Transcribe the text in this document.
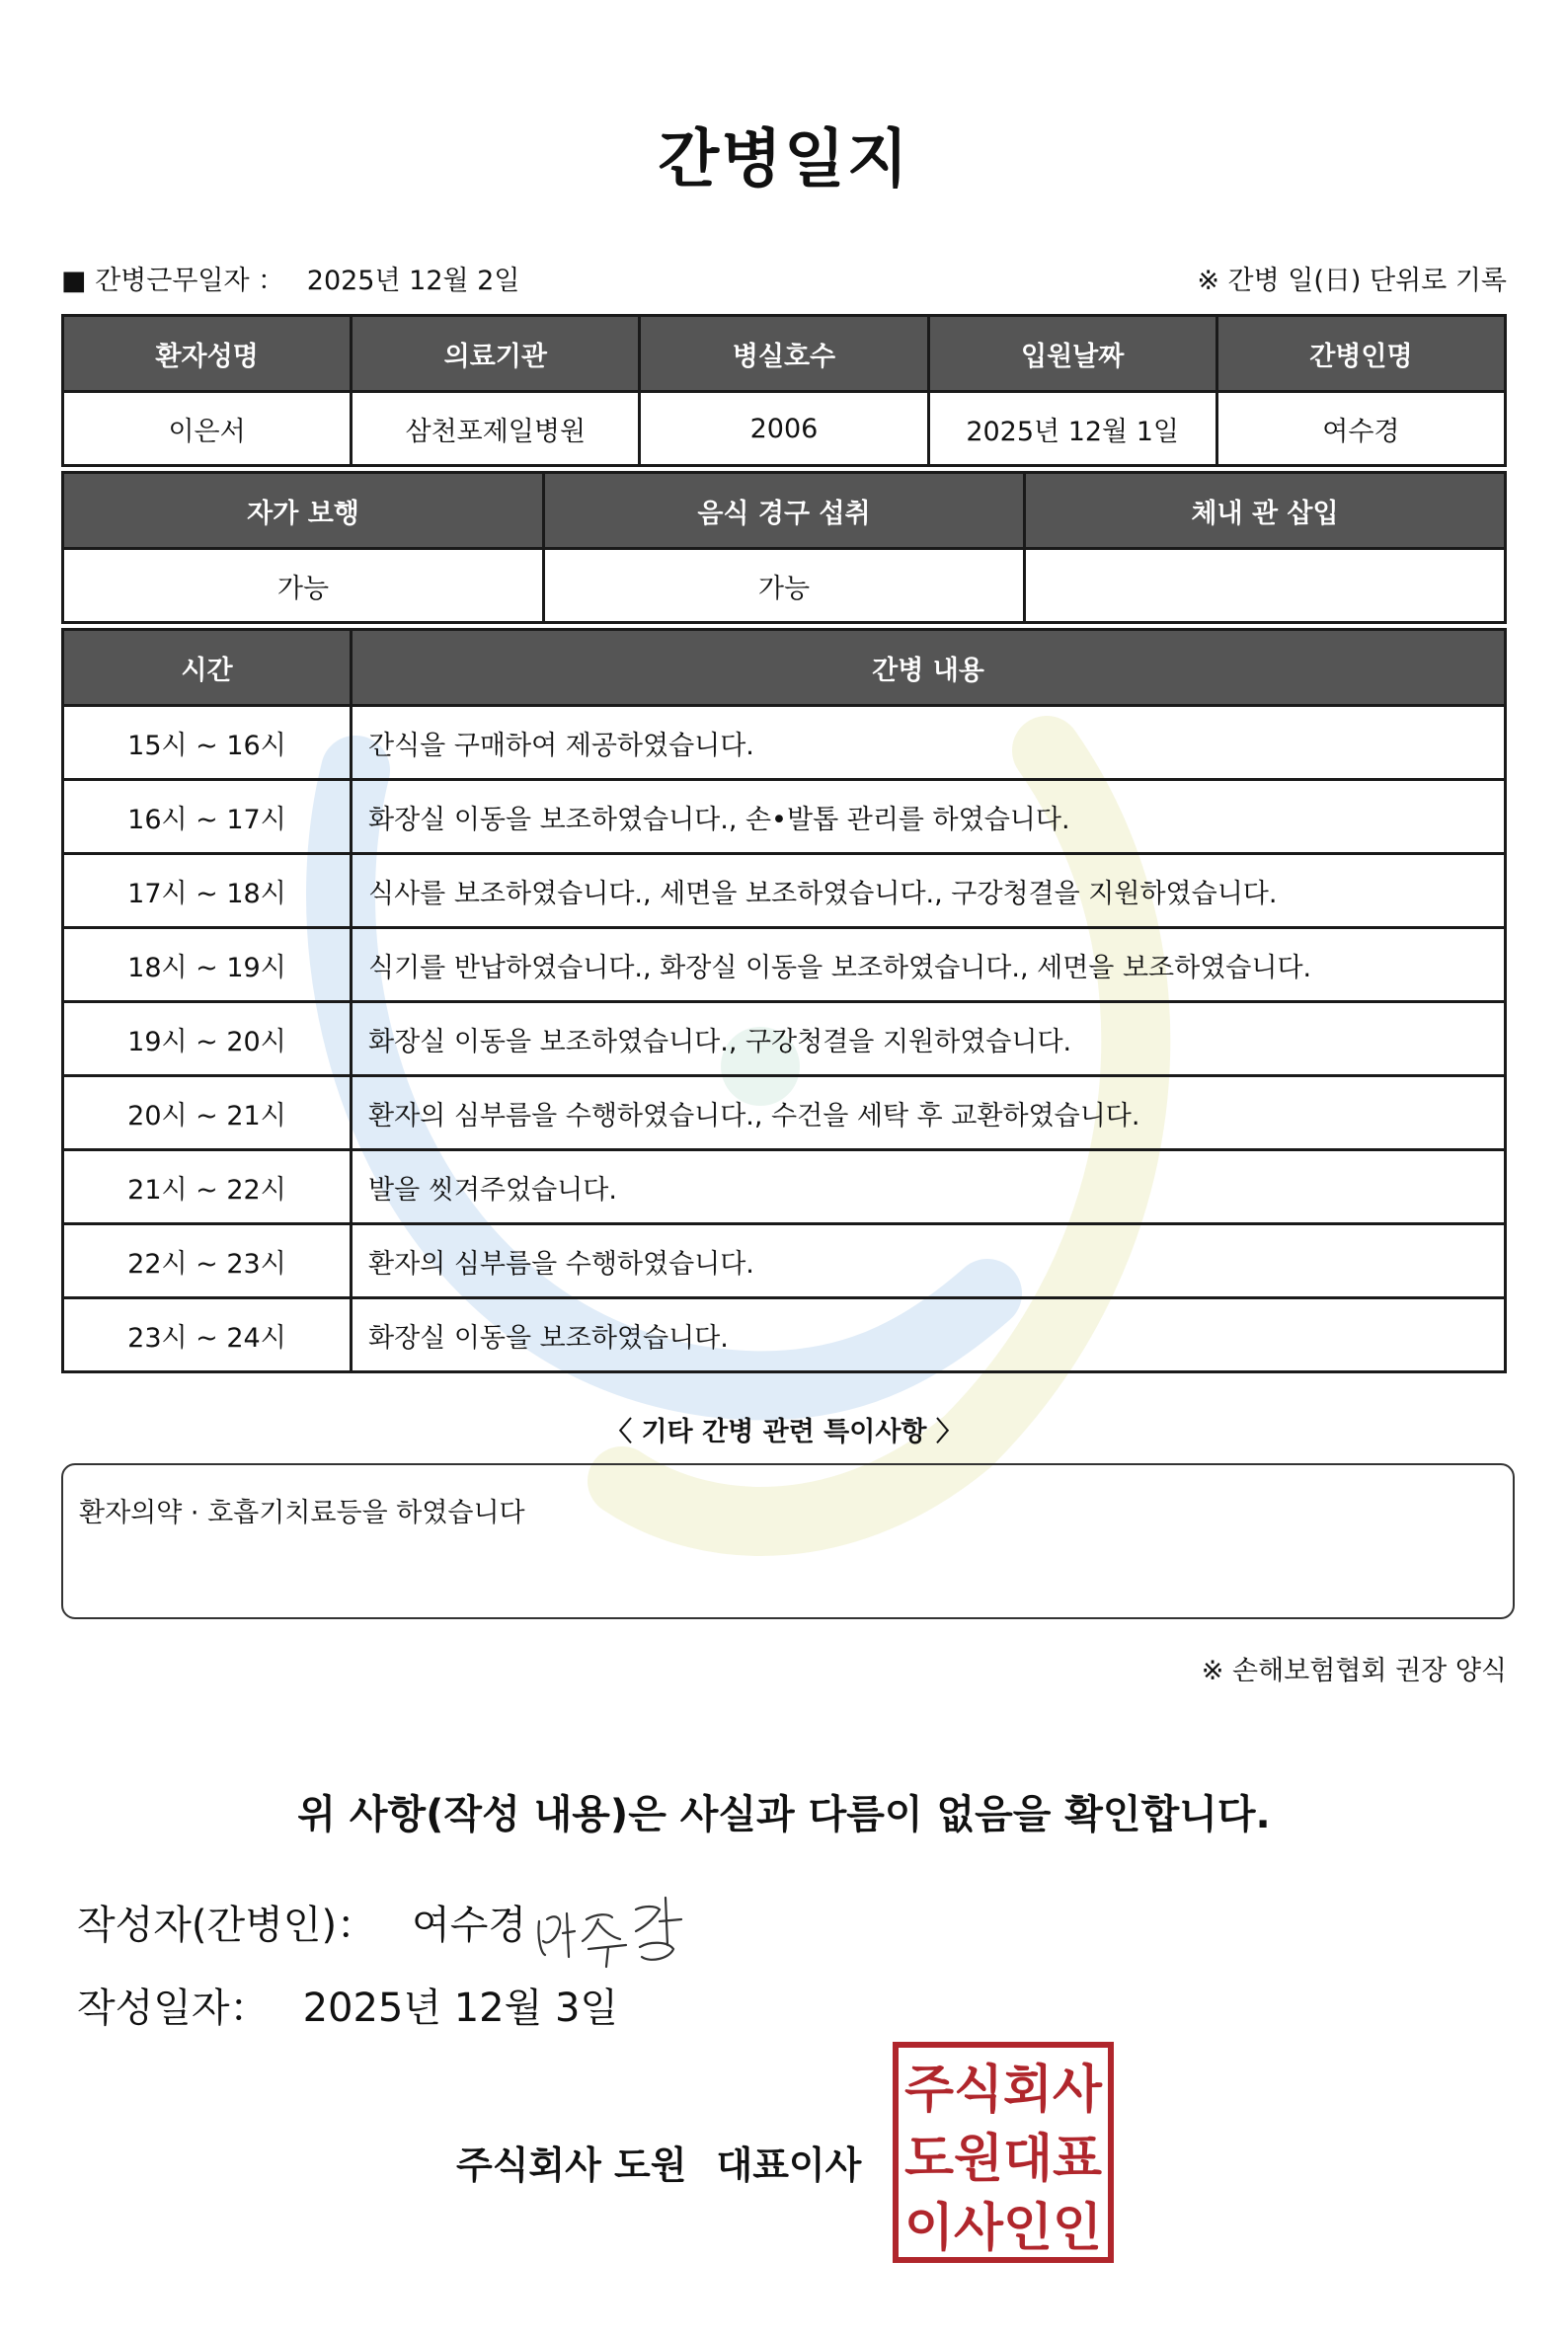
간병일지
■ 간병근무일자 ： 2025년 12월 2일	※ 간병 일(日) 단위로 기록
환자성명	의료기관	병실호수	입원날짜	간병인명
이은서	삼천포제일병원	2006	2025년 12월 1일	여수경
자가 보행	음식 경구 섭취	체내 관 삽입
가능	가능	
시간	간병 내용
15시 ~ 16시	간식을 구매하여 제공하였습니다.
16시 ~ 17시	화장실 이동을 보조하였습니다., 손•발톱 관리를 하였습니다.
17시 ~ 18시	식사를 보조하였습니다., 세면을 보조하였습니다., 구강청결을 지원하였습니다.
18시 ~ 19시	식기를 반납하였습니다., 화장실 이동을 보조하였습니다., 세면을 보조하였습니다.
19시 ~ 20시	화장실 이동을 보조하였습니다., 구강청결을 지원하였습니다.
20시 ~ 21시	환자의 심부름을 수행하였습니다., 수건을 세탁 후 교환하였습니다.
21시 ~ 22시	발을 씻겨주었습니다.
22시 ~ 23시	환자의 심부름을 수행하였습니다.
23시 ~ 24시	화장실 이동을 보조하였습니다.
〈 기타 간병 관련 특이사항 〉
환자의약 · 호흡기치료등을 하였습니다
※ 손해보험협회 권장 양식
위 사항(작성 내용)은 사실과 다름이 없음을 확인합니다.
작성자(간병인)： 여수경
작성일자： 2025년 12월 3일
주식회사 도원 대표이사
주식회사
도원대표
이사인인
